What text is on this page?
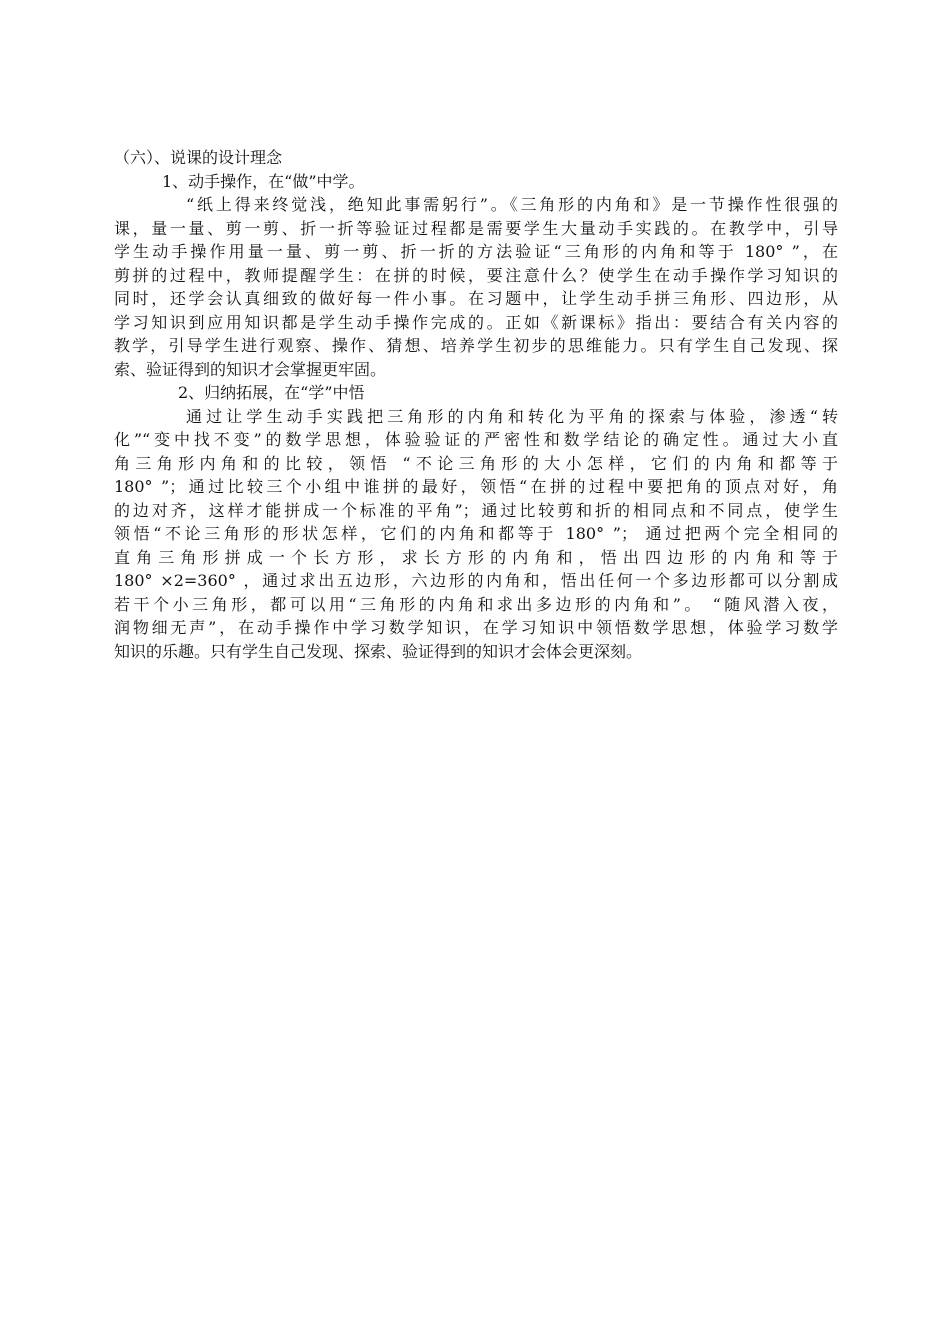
（六）、说课的设计理念
1、动手操作，在“做”中学。
“纸上得来终觉浅，绝知此事需躬行”。《三角形的内角和》是一节操作性很强的
课，量一量、剪一剪、折一折等验证过程都是需要学生大量动手实践的。在教学中，引导
学生动手操作用量一量、剪一剪、折一折的方法验证“三角形的内角和等于 180° ”，在
剪拼的过程中，教师提醒学生：在拼的时候，要注意什么？使学生在动手操作学习知识的
同时，还学会认真细致的做好每一件小事。在习题中，让学生动手拼三角形、四边形，从
学习知识到应用知识都是学生动手操作完成的。正如《新课标》指出：要结合有关内容的
教学，引导学生进行观察、操作、猜想、培养学生初步的思维能力。只有学生自己发现、探
索、验证得到的知识才会掌握更牢固。
2、归纳拓展，在“学”中悟
通过让学生动手实践把三角形的内角和转化为平角的探索与体验，渗透“转
化”“变中找不变”的数学思想，体验验证的严密性和数学结论的确定性。通过大小直
角三角形内角和的比较，领悟 “不论三角形的大小怎样，它们的内角和都等于
180° ”；通过比较三个小组中谁拼的最好，领悟“在拼的过程中要把角的顶点对好，角
的边对齐，这样才能拼成一个标准的平角”；通过比较剪和折的相同点和不同点，使学生
领悟“不论三角形的形状怎样，它们的内角和都等于 180° ”； 通过把两个完全相同的
直角三角形拼成一个长方形，求长方形的内角和，悟出四边形的内角和等于
180° ×2=360° ，通过求出五边形，六边形的内角和，悟出任何一个多边形都可以分割成
若干个小三角形，都可以用“三角形的内角和求出多边形的内角和”。 “随风潜入夜，
润物细无声”，在动手操作中学习数学知识，在学习知识中领悟数学思想，体验学习数学
知识的乐趣。只有学生自己发现、探索、验证得到的知识才会体会更深刻。
